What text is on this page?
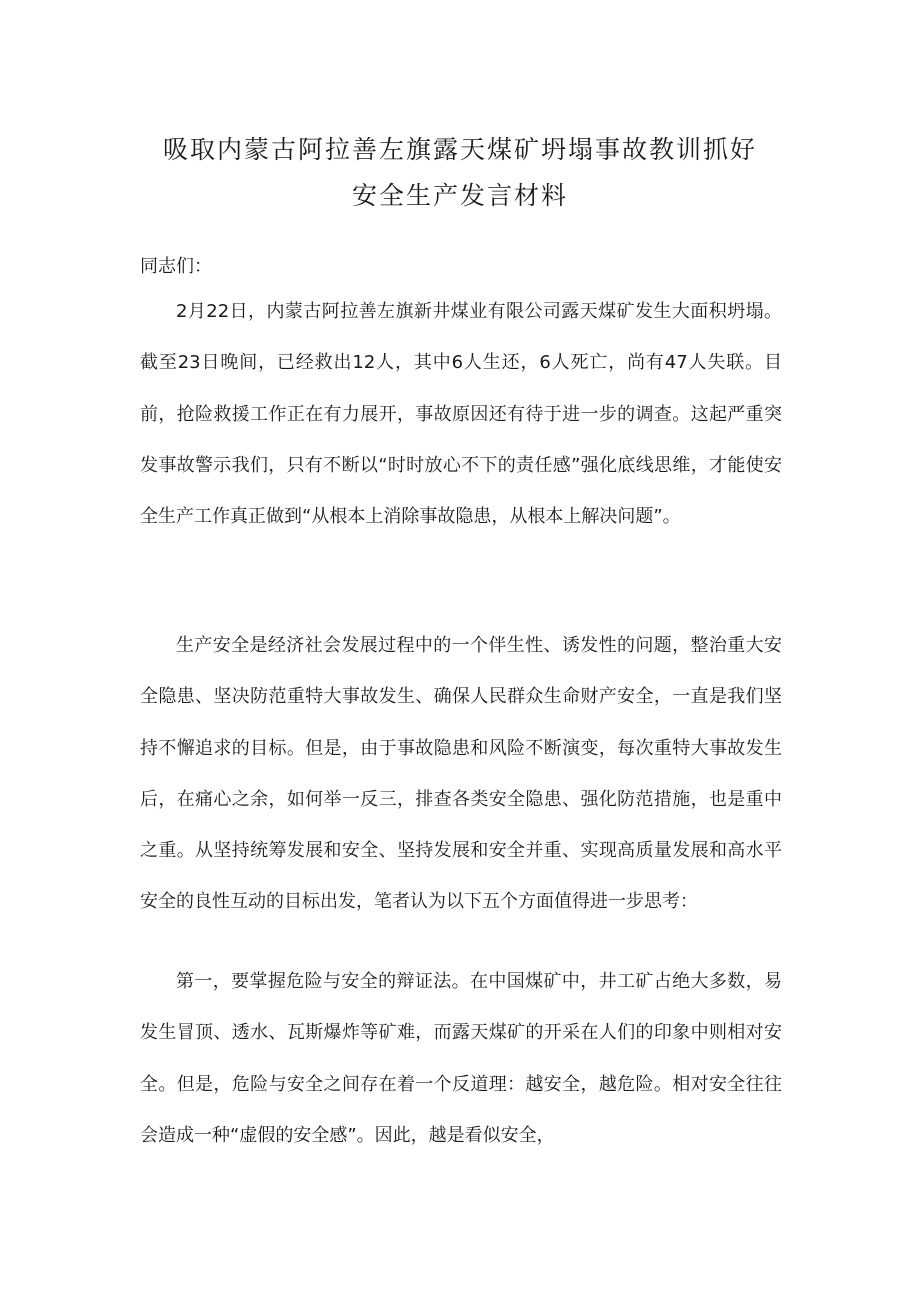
吸取内蒙古阿拉善左旗露天煤矿坍塌事故教训抓好
安全生产发言材料
同志们：

2月22日，内蒙古阿拉善左旗新井煤业有限公司露天煤矿发生大面积坍塌。截至23日晚间，已经救出12人，其中6人生还，6人死亡，尚有47人失联。目前，抢险救援工作正在有力展开，事故原因还有待于进一步的调查。这起严重突发事故警示我们，只有不断以“时时放心不下的责任感”强化底线思维，才能使安全生产工作真正做到“从根本上消除事故隐患，从根本上解决问题”。

生产安全是经济社会发展过程中的一个伴生性、诱发性的问题，整治重大安全隐患、坚决防范重特大事故发生、确保人民群众生命财产安全，一直是我们坚持不懈追求的目标。但是，由于事故隐患和风险不断演变，每次重特大事故发生后，在痛心之余，如何举一反三，排查各类安全隐患、强化防范措施，也是重中之重。从坚持统筹发展和安全、坚持发展和安全并重、实现高质量发展和高水平安全的良性互动的目标出发，笔者认为以下五个方面值得进一步思考：

第一，要掌握危险与安全的辩证法。在中国煤矿中，井工矿占绝大多数，易发生冒顶、透水、瓦斯爆炸等矿难，而露天煤矿的开采在人们的印象中则相对安全。但是，危险与安全之间存在着一个反道理：越安全，越危险。相对安全往往会造成一种“虚假的安全感”。因此，越是看似安全，
